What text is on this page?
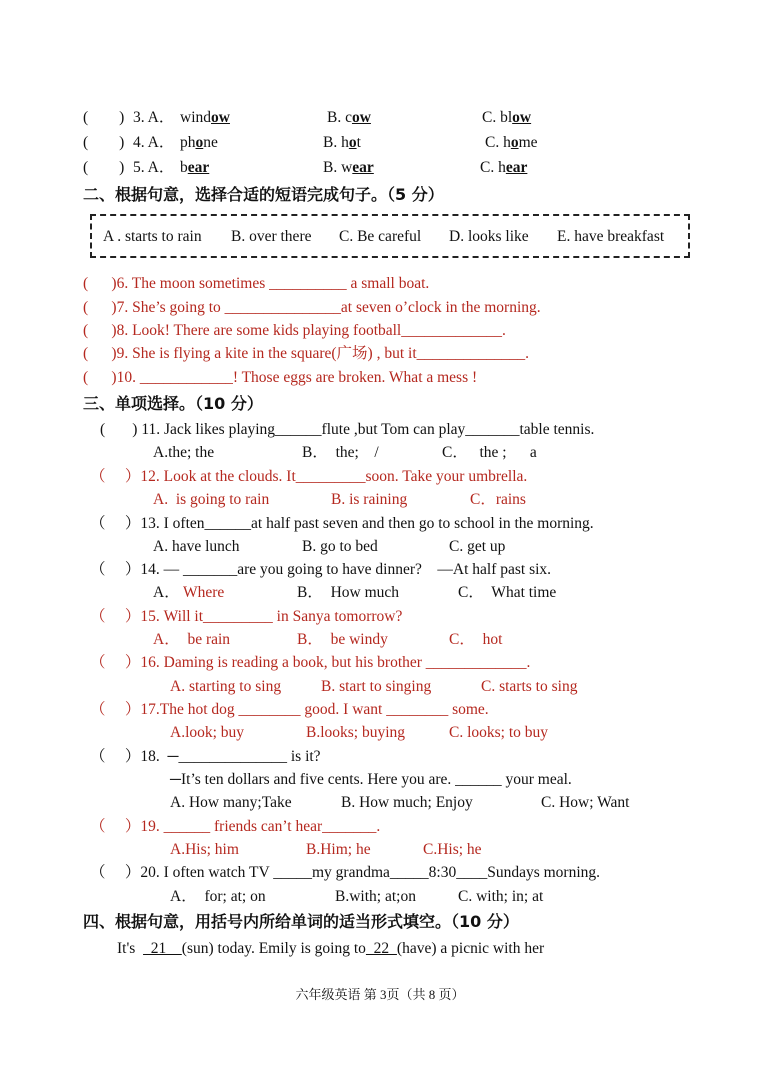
(        ) 3. A． window	B. cow	C. blow
(        ) 4. A． phone	B. hot	C. home
(        ) 5. A． bear	B. wear	C. hear
二、根据句意，选择合适的短语完成句子。（5 分）
A . starts to rain B. over there C. Be careful D. looks like E. have breakfast
(      )6. The moon sometimes __________ a small boat.
(      )7. She’s going to _______________at seven o’clock in the morning.
(      )8. Look! There are some kids playing football_____________.
(      )9. She is flying a kite in the square(广场) , but it______________.
(      )10. ____________! Those eggs are broken. What a mess !
三、单项选择。（10 分）
(       ) 11. Jack likes playing______flute ,but Tom can play_______table tennis.
A.the; the	B．  the;    /	C．   the ;      a
（     ）12. Look at the clouds. It_________soon. Take your umbrella.
A.  is going to rain	B. is raining	C．rains
（     ）13. I often______at half past seven and then go to school in the morning.
A. have lunch	B. go to bed	C. get up
（     ）14. — _______are you going to have dinner?    —At half past six.
A． Where	B．  How much	C．  What time
（     ）15. Will it_________ in Sanya tomorrow?
A．  be rain	B．  be windy	C．  hot
（     ）16. Daming is reading a book, but his brother _____________.
A. starting to sing	B. start to singing	C. starts to sing
（     ）17.The hot dog ________ good. I want ________ some.
A.look; buy	B.looks; buying	C. looks; to buy
（     ）18.  ─______________ is it?
─It’s ten dollars and five cents. Here you are. ______ your meal.
A. How many;Take	B. How much; Enjoy	C. How; Want
（     ）19. ______ friends can’t hear_______.
A.His; him	B.Him; he	C.His; he
（     ）20. I often watch TV _____my grandma_____8:30____Sundays morning.
A．  for; at; on	B.with; at;on	C. with; in; at
四、根据句意，用括号内所给单词的适当形式填空。（10 分）
It's    21    (sun) today. Emily is going to  22  (have) a picnic with her
六年级英语 第 3页（共 8 页）
